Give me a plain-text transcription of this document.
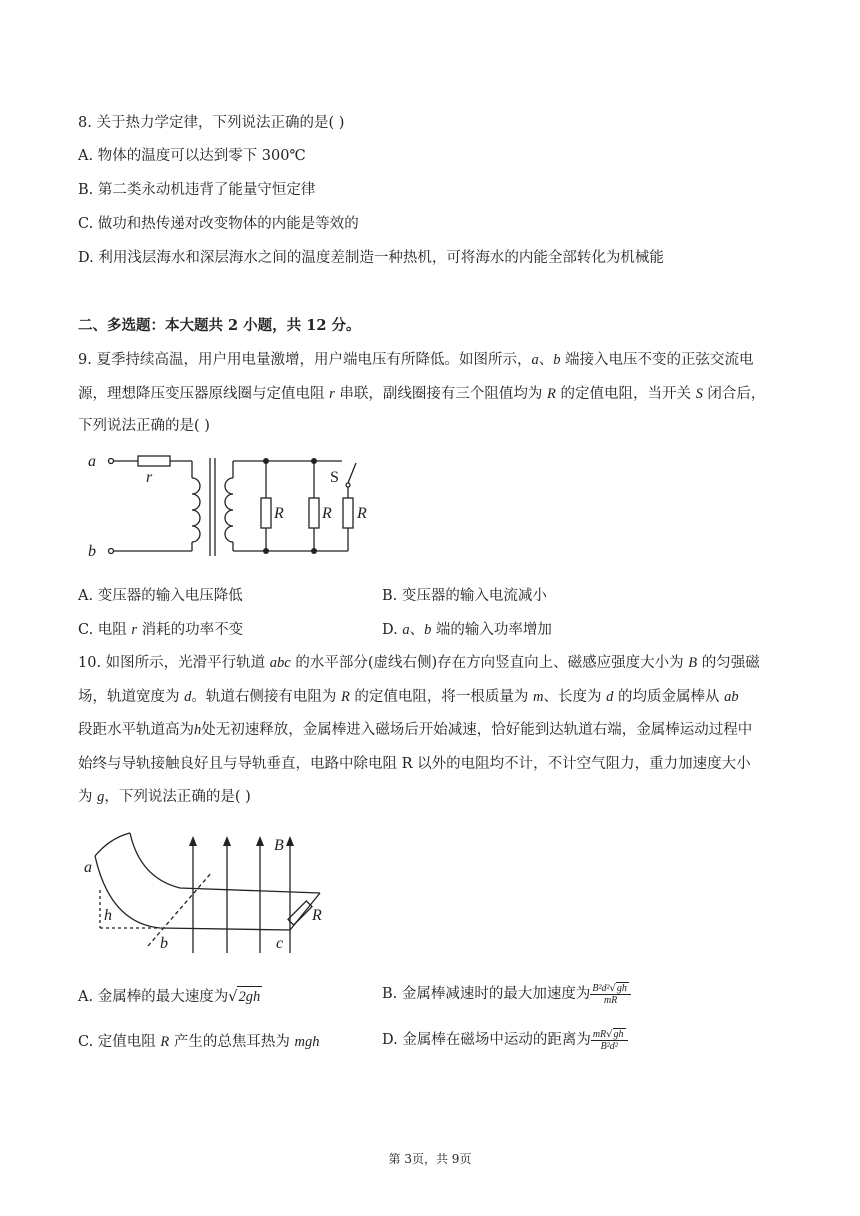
8. 关于热力学定律，下列说法正确的是( )
A. 物体的温度可以达到零下 300℃
B. 第二类永动机违背了能量守恒定律
C. 做功和热传递对改变物体的内能是等效的
D. 利用浅层海水和深层海水之间的温度差制造一种热机，可将海水的内能全部转化为机械能
二、多选题：本大题共 2 小题，共 12 分。
9. 夏季持续高温，用户用电量激增，用户端电压有所降低。如图所示，a、b 端接入电压不变的正弦交流电
源，理想降压变压器原线圈与定值电阻 r 串联，副线圈接有三个阻值均为 R 的定值电阻，当开关 S 闭合后，
下列说法正确的是( )
a
b
r
R R R
S
A. 变压器的输入电压降低	B. 变压器的输入电流减小
C. 电阻 r 消耗的功率不变	D. a、b 端的输入功率增加
10. 如图所示，光滑平行轨道 abc 的水平部分(虚线右侧)存在方向竖直向上、磁感应强度大小为 B 的匀强磁
场，轨道宽度为 d。轨道右侧接有电阻为 R 的定值电阻，将一根质量为 m、长度为 d 的均质金属棒从 ab
段距水平轨道高为h处无初速释放，金属棒进入磁场后开始减速，恰好能到达轨道右端，金属棒运动过程中
始终与导轨接触良好且与导轨垂直，电路中除电阻 R 以外的电阻均不计，不计空气阻力，重力加速度大小
为 g，下列说法正确的是( )
a
h
b	c
B
R
A. 金属棒的最大速度为√2gh	B. 金属棒减速时的最大加速度为 $\frac{\text{B²d²√gh}}{mR}$
C. 定值电阻 R 产生的总焦耳热为 mgh	D. 金属棒在磁场中运动的距离为 $\frac{mR√gh}{\text{B²d²}}$
第 3页，共 9页
